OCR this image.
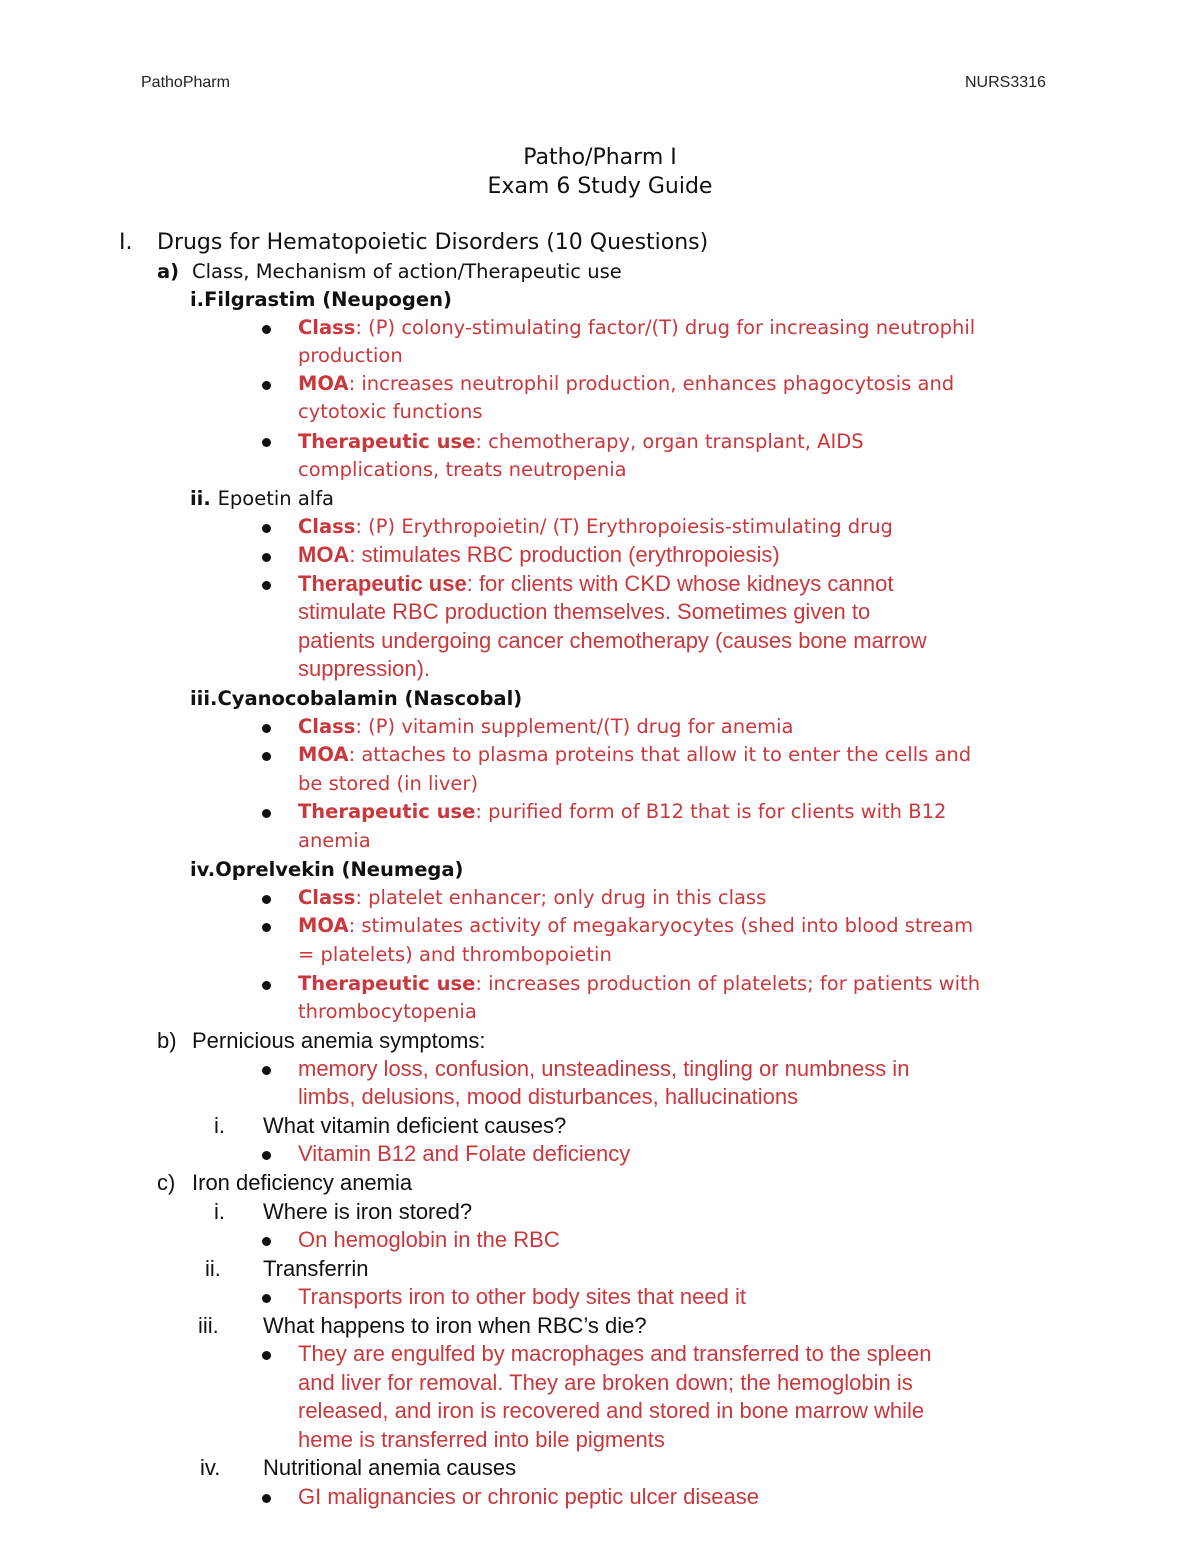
PathoPharm	NURS3316
Patho/Pharm I
Exam 6 Study Guide
I. Drugs for Hematopoietic Disorders (10 Questions)
a) Class, Mechanism of action/Therapeutic use
i.Filgrastim (Neupogen)
Class: (P) colony-stimulating factor/(T) drug for increasing neutrophil
production
MOA: increases neutrophil production, enhances phagocytosis and
cytotoxic functions
Therapeutic use: chemotherapy, organ transplant, AIDS
complications, treats neutropenia
ii. Epoetin alfa
Class: (P) Erythropoietin/ (T) Erythropoiesis-stimulating drug
MOA: stimulates RBC production (erythropoiesis)
Therapeutic use: for clients with CKD whose kidneys cannot
stimulate RBC production themselves. Sometimes given to
patients undergoing cancer chemotherapy (causes bone marrow
suppression).
iii.Cyanocobalamin (Nascobal)
Class: (P) vitamin supplement/(T) drug for anemia
MOA: attaches to plasma proteins that allow it to enter the cells and
be stored (in liver)
Therapeutic use: purified form of B12 that is for clients with B12
anemia
iv.Oprelvekin (Neumega)
Class: platelet enhancer; only drug in this class
MOA: stimulates activity of megakaryocytes (shed into blood stream
= platelets) and thrombopoietin
Therapeutic use: increases production of platelets; for patients with
thrombocytopenia
b) Pernicious anemia symptoms:
memory loss, confusion, unsteadiness, tingling or numbness in
limbs, delusions, mood disturbances, hallucinations
i. What vitamin deficient causes?
Vitamin B12 and Folate deficiency
c) Iron deficiency anemia
i. Where is iron stored?
On hemoglobin in the RBC
ii. Transferrin
Transports iron to other body sites that need it
iii. What happens to iron when RBC’s die?
They are engulfed by macrophages and transferred to the spleen
and liver for removal. They are broken down; the hemoglobin is
released, and iron is recovered and stored in bone marrow while
heme is transferred into bile pigments
iv. Nutritional anemia causes
GI malignancies or chronic peptic ulcer disease
